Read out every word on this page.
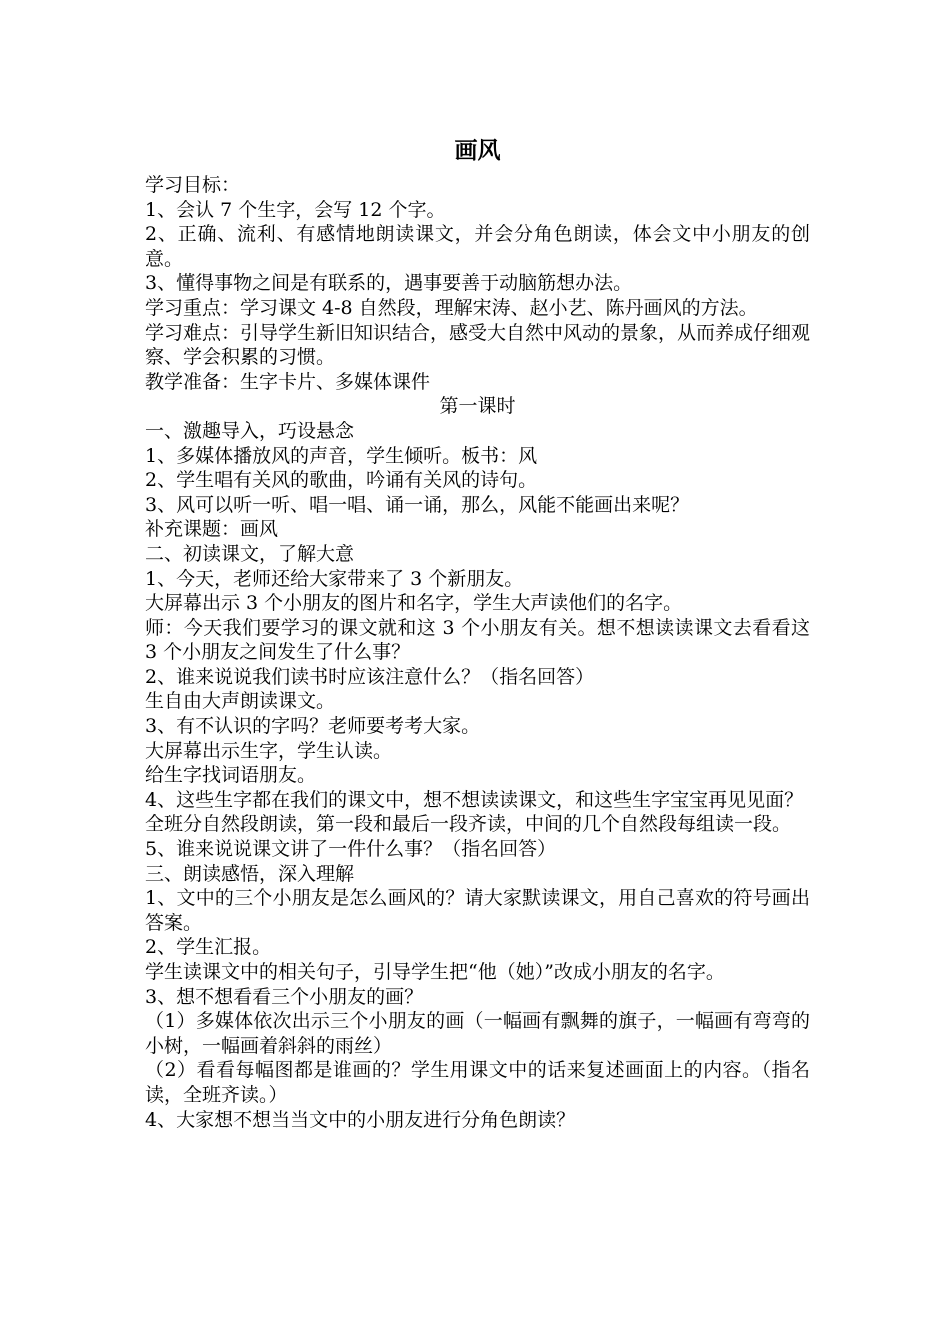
画风

学习目标：

1、会认 7 个生字，会写 12 个字。

2、正确、流利、有感情地朗读课文，并会分角色朗读，体会文中小朋友的创意。

3、懂得事物之间是有联系的，遇事要善于动脑筋想办法。

学习重点：学习课文 4-8 自然段，理解宋涛、赵小艺、陈丹画风的方法。

学习难点：引导学生新旧知识结合，感受大自然中风动的景象，从而养成仔细观察、学会积累的习惯。

教学准备：生字卡片、多媒体课件

第一课时

一、激趣导入，巧设悬念

1、多媒体播放风的声音，学生倾听。板书：风

2、学生唱有关风的歌曲，吟诵有关风的诗句。

3、风可以听一听、唱一唱、诵一诵，那么，风能不能画出来呢？

补充课题：画风

二、初读课文，了解大意

1、今天，老师还给大家带来了 3 个新朋友。

大屏幕出示 3 个小朋友的图片和名字，学生大声读他们的名字。

师：今天我们要学习的课文就和这 3 个小朋友有关。想不想读读课文去看看这 3 个小朋友之间发生了什么事？

2、谁来说说我们读书时应该注意什么？（指名回答）

生自由大声朗读课文。

3、有不认识的字吗？老师要考考大家。

大屏幕出示生字，学生认读。

给生字找词语朋友。

4、这些生字都在我们的课文中，想不想读读课文，和这些生字宝宝再见见面？

全班分自然段朗读，第一段和最后一段齐读，中间的几个自然段每组读一段。

5、谁来说说课文讲了一件什么事？（指名回答）

三、朗读感悟，深入理解

1、文中的三个小朋友是怎么画风的？请大家默读课文，用自己喜欢的符号画出答案。

2、学生汇报。

学生读课文中的相关句子，引导学生把“他（她）”改成小朋友的名字。

3、想不想看看三个小朋友的画？

（1）多媒体依次出示三个小朋友的画（一幅画有飘舞的旗子，一幅画有弯弯的小树，一幅画着斜斜的雨丝）

（2）看看每幅图都是谁画的？学生用课文中的话来复述画面上的内容。（指名读，全班齐读。）

4、大家想不想当当文中的小朋友进行分角色朗读？
